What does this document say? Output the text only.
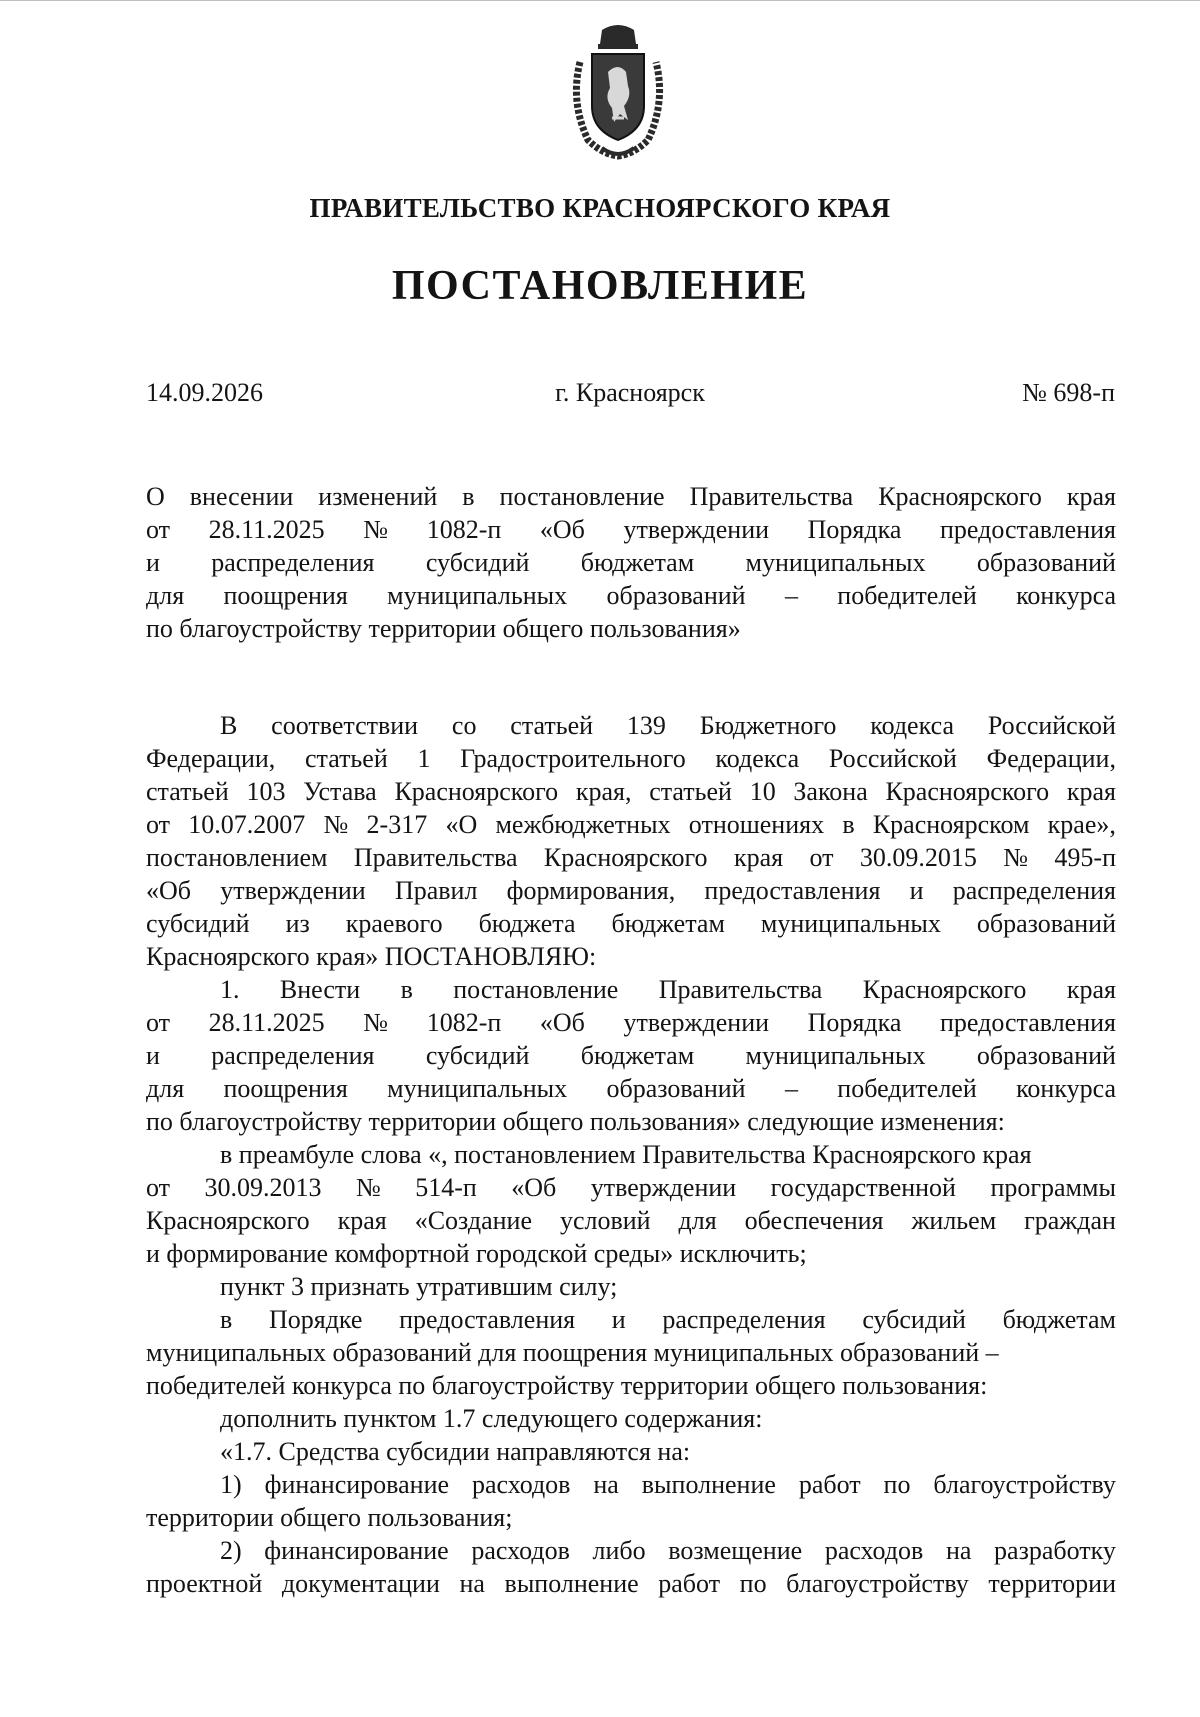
ПРАВИТЕЛЬСТВО КРАСНОЯРСКОГО КРАЯ
ПОСТАНОВЛЕНИЕ
14.09.2026	г. Красноярск	№ 698-п
О внесении изменений в постановление Правительства Красноярского края
от 28.11.2025 № 1082-п «Об утверждении Порядка предоставления
и распределения субсидий бюджетам муниципальных образований
для поощрения муниципальных образований – победителей конкурса
по благоустройству территории общего пользования»
В соответствии со статьей 139 Бюджетного кодекса Российской
Федерации, статьей 1 Градостроительного кодекса Российской Федерации,
статьей 103 Устава Красноярского края, статьей 10 Закона Красноярского края
от 10.07.2007 № 2-317 «О межбюджетных отношениях в Красноярском крае»,
постановлением Правительства Красноярского края от 30.09.2015 № 495-п
«Об утверждении Правил формирования, предоставления и распределения
субсидий из краевого бюджета бюджетам муниципальных образований
Красноярского края» ПОСТАНОВЛЯЮ:
1. Внести в постановление Правительства Красноярского края
от 28.11.2025 № 1082-п «Об утверждении Порядка предоставления
и распределения субсидий бюджетам муниципальных образований
для поощрения муниципальных образований – победителей конкурса
по благоустройству территории общего пользования» следующие изменения:
в преамбуле слова «, постановлением Правительства Красноярского края
от 30.09.2013 № 514-п «Об утверждении государственной программы
Красноярского края «Создание условий для обеспечения жильем граждан
и формирование комфортной городской среды» исключить;
пункт 3 признать утратившим силу;
в Порядке предоставления и распределения субсидий бюджетам
муниципальных образований для поощрения муниципальных образований –
победителей конкурса по благоустройству территории общего пользования:
дополнить пунктом 1.7 следующего содержания:
«1.7. Средства субсидии направляются на:
1) финансирование расходов на выполнение работ по благоустройству
территории общего пользования;
2) финансирование расходов либо возмещение расходов на разработку
проектной документации на выполнение работ по благоустройству территории
